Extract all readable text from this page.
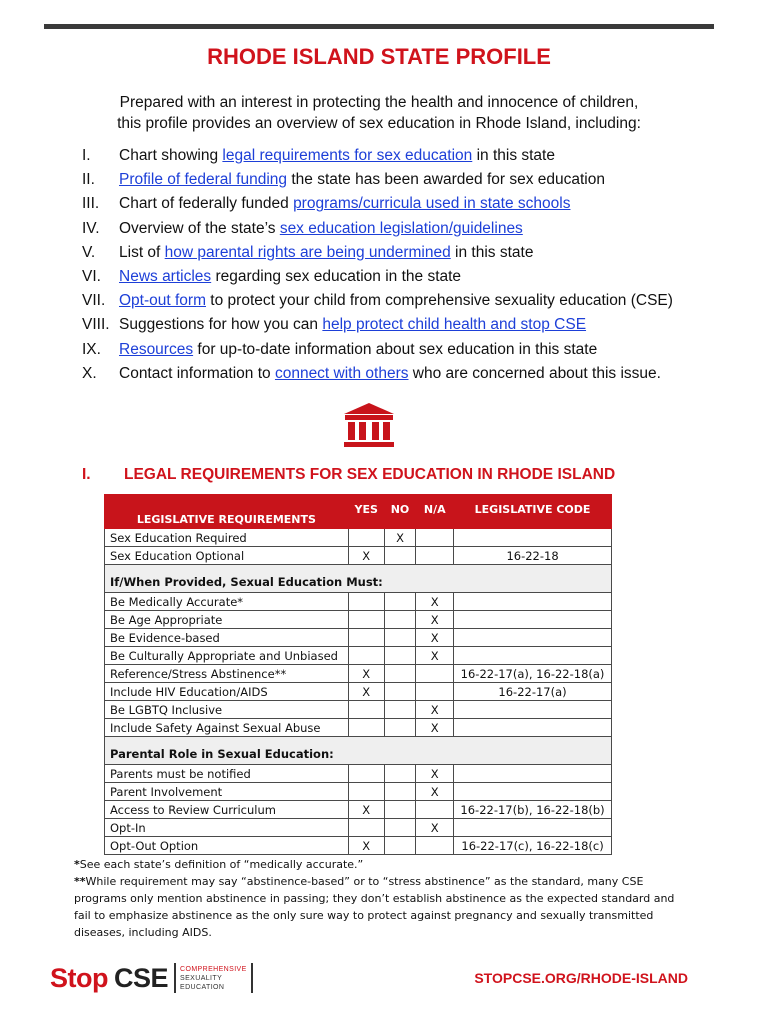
RHODE ISLAND STATE PROFILE
Prepared with an interest in protecting the health and innocence of children,
this profile provides an overview of sex education in Rhode Island, including:
I. Chart showing legal requirements for sex education in this state
II. Profile of federal funding the state has been awarded for sex education
III. Chart of federally funded programs/curricula used in state schools
IV. Overview of the state’s sex education legislation/guidelines
V. List of how parental rights are being undermined in this state
VI. News articles regarding sex education in the state
VII. Opt-out form to protect your child from comprehensive sexuality education (CSE)
VIII. Suggestions for how you can help protect child health and stop CSE
IX. Resources for up-to-date information about sex education in this state
X. Contact information to connect with others who are concerned about this issue.
I. LEGAL REQUIREMENTS FOR SEX EDUCATION IN RHODE ISLAND
LEGISLATIVE REQUIREMENTS	YES	NO	N/A	LEGISLATIVE CODE
Sex Education Required		X		
Sex Education Optional	X			16-22-18
If/When Provided, Sexual Education Must:				
Be Medically Accurate*			X	
Be Age Appropriate			X	
Be Evidence-based			X	
Be Culturally Appropriate and Unbiased			X	
Reference/Stress Abstinence**	X			16-22-17(a), 16-22-18(a)
Include HIV Education/AIDS	X			16-22-17(a)
Be LGBTQ Inclusive			X	
Include Safety Against Sexual Abuse			X	
Parental Role in Sexual Education:				
Parents must be notified			X	
Parent Involvement			X	
Access to Review Curriculum	X			16-22-17(b), 16-22-18(b)
Opt-In			X	
Opt-Out Option	X			16-22-17(c), 16-22-18(c)
*See each state’s definition of “medically accurate.”
**While requirement may say “abstinence-based” or to “stress abstinence” as the standard, many CSE programs only mention abstinence in passing; they don’t establish abstinence as the expected standard and fail to emphasize abstinence as the only sure way to protect against pregnancy and sexually transmitted diseases, including AIDS.
Stop CSE COMPREHENSIVE
SEXUALITY
EDUCATION
STOPCSE.ORG/RHODE-ISLAND
